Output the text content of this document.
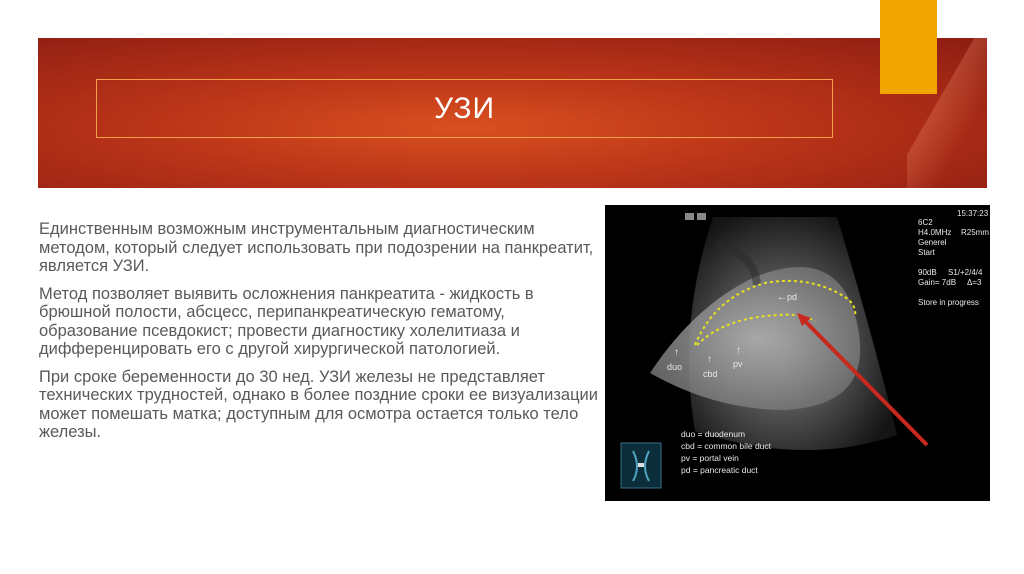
УЗИ

Единственным возможным инструментальным диагностическим методом, который следует использовать при подозрении на панкреатит, является УЗИ.

Метод позволяет выявить осложнения панкреатита - жидкость в брюшной полости, абсцесс, перипанкреатическую гематому, образование псевдокист; провести диагностику холелитиаза и дифференцировать его с другой хирургической патологией.

При сроке беременности до 30 нед. УЗИ железы не представляет технических трудностей, однако в более поздние сроки ее визуализации может помешать матка; доступным для осмотра остается только тело железы.

pd
duo
cbd
pv
↑
↑
↑
←
15:37:23
6C2
H4.0MHz R25mm
Generel
Start
90dB S1/+2/4/4
Gain= 7dB Δ=3
Store in progress
duo = duodenum
cbd = common bile duct
pv = portal vein
pd = pancreatic duct
